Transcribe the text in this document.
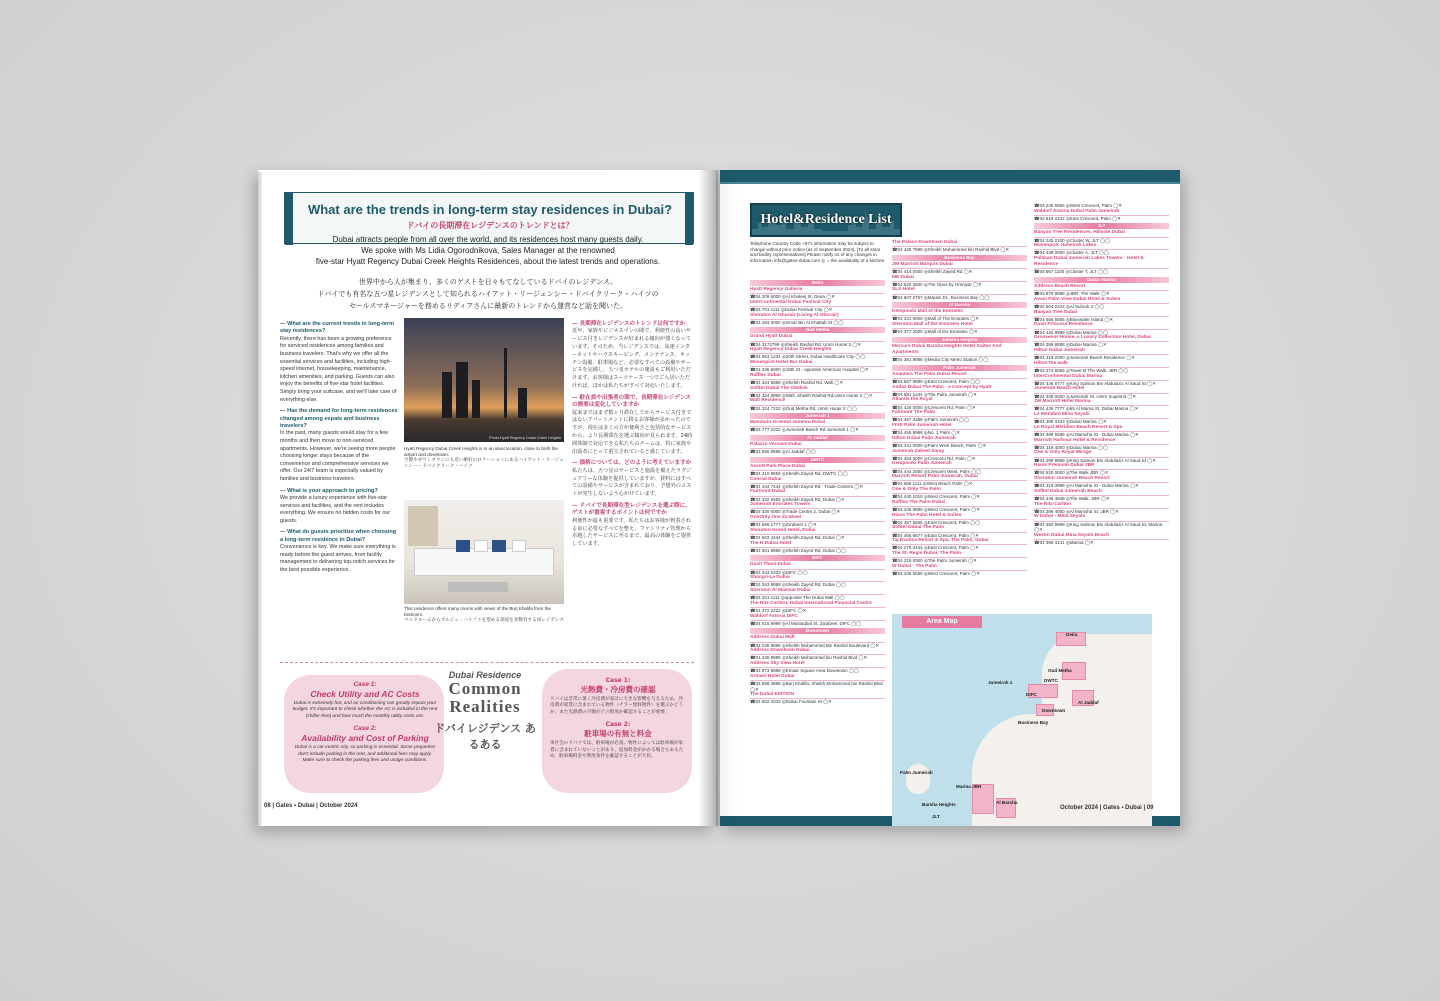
What are the trends in long-term stay residences in Dubai?
ドバイの長期滞在レジデンスのトレンドとは？
Dubai attracts people from all over the world, and its residences host many guests daily.
We spoke with Ms Lidia Ogorodnikova, Sales Manager at the renowned
five-star Hyatt Regency Dubai Creek Heights Residences, about the latest trends and operations.
世界中から人が集まり、多くのゲストを日々もてなしているドバイのレジデンス。
ドバイでも有名な五つ星レジデンスとして知られるハイアット・リージェンシー・ドバイクリーク・ハイツの
セールスマネージャーを務めるリディアさんに最新のトレンドから運営など話を聞いた。
— What are the current trends in long-term stay residences?
Recently, there has been a growing preference for serviced residences among families and business travelers. That's why we offer all the essential services and facilities, including high-speed internet, housekeeping, maintenance, kitchen amenities, and parking. Guests can also enjoy the benefits of five-star hotel facilities. Simply bring your suitcase, and we'll take care of everything else.
— Has the demand for long-term residences changed among expats and business travelers?
In the past, many guests would stay for a few months and then move to non-serviced apartments. However, we're seeing more people choosing longer stays because of the convenience and comprehensive services we offer. Our 24/7 team is especially valued by families and business travelers.
— What is your approach to pricing?
We provide a luxury experience with five-star services and facilities, and the rent includes everything. We ensure no hidden costs for our guests.
— What do guests prioritize when choosing a long-term residence in Dubai?
Convenience is key. We make sure everything is ready before the guest arrives, from facility management to delivering top-notch services for the best possible experience.
Photo:Hyatt Regency Dubai Creek Heights
Hyatt Regency Dubai Creek Heights is in an ideal location, close to both the airport and downtown.
空港やダウンタウンにも近い絶好のロケーションにあるハイアット・リージェンシー・ドバイクリーク・ハイツ
This residence offers many rooms with views of the Burj Khalifa from the bedroom.
ベッドルームからブルジュ・ハリファを望める部屋を多数有する同レジデンス
— 長期滞在レジデンスのトレンドは何ですか
近年、家族やビジネスマンの間で、利便性の高いサービス付きレジデンスが好まれる傾向が強くなっています。そのため、当レジデンスでは、高速インターネットやハウスキーピング、メンテナンス、キッチン設備、駐車場など、必要なすべての設備やサービスを完備し、五つ星ホテルの施設もご利用いただけます。お客様はスーツケース一つでご入居いただければ、ほかは私たちがすべて対応いたします。
— 駐在員や出張者の間で、長期滞在レジデンスの需要は変化していますか
従来まではまず数ヶ月滞在してからサービス付きではないアパートメントに移るお客様が多かったのですが、現在は多くの方が便利さと包括的なサービスから、より長期滞在を選ぶ傾向が見られます。24時間体制で対応できる私たちのチームは、特に家族や出張者にとって重宝されていると感じています。
— 価格については、どのように考えていますか
私たちは、五つ星のサービスと施設を備えたラグジュアリーな体験を提供していますが、賃料にはすべての設備やサービスが含まれており、予想外のコストが発生しないよう心がけています。
— ドバイで長期滞在型レジデンスを選ぶ際に、ゲストが重視するポイントは何ですか
利便性が最も重要です。私たちはお客様が到着される前に必要なすべてを整え、ファシリティ管理から卓越したサービスに至るまで、最高の体験をご提供しています。
Case 1:
Check Utility and AC Costs
Dubai is extremely hot, and air conditioning can greatly impact your budget. It's important to check whether the AC is included in the rent (chiller-free) and how much the monthly utility costs are.
Case 2:
Availability and Cost of Parking
Dubai is a car-centric city, so parking is essential. Some properties don't include parking in the rent, and additional fees may apply. Make sure to check the parking fees and usage conditions.
Case 1:
光熱費・冷房費の確認
ドバイは非常に暑く冷房費が家計に大きな影響を与えるため、冷房費が家賃に含まれている物件（チラー無料物件）を選ぶかどうか、また光熱費の月額がどの程度か確認することが重要。
Case 2:
駐車場の有無と料金
車社会のドバイでは、駐車場が必須。物件によっては駐車場が家賃に含まれていないことがあり、追加料金がかかる場合もあるため、駐車場料金や利用条件を確認することが大切。
Dubai Residence
Common Realities
ドバイレジデンス あるある
08 | Gates ▪ Dubai | October 2024
Hotel&Residence List
Telephone Country Code +971 information may be subject to change without prior notice (as of September 2024). [To all store and facility representatives] Please notify us of any changes in information info@gates-dubai.com ◎ = the availability of a kitchen.
Deira
Hyatt Regency Galleria
☎04 209 6000 ◎Al Khaleej St, Deira ◯✕
InterContinental Dubai Festival City
☎04 701 1111 ◎Dubai Festival City ◯✕
Sheraton Al Ghurair (Living Al Ghurair)
☎04 293 3000 ◎Omar Bin Al Khattab St ◯◯
Oud Metha
Grand Hyatt Dubai
☎04 3172799 ◎Sheikh Rashid Rd, Umm Hurair 2 ◯✕
Hyatt Regency Dubai Creek Heights
☎04 553 1234 ◎20th Street, Dubai Healthcare City ◯◯
Movenpick Hotel Bur Dubai
☎04 336 6000 ◎19th St - opposite American Hospital ◯✕
Raffles Dubai
☎04 324 8888 ◎Sheikh Rashid Rd, Wafi ◯✕
Sofitel Dubai The Obelisk
☎04 324 9999 ◎Wafi, Sheikh Rashid Rd,Umm Hurair 2 ◯✕
Wafi Residence
☎04 324 7222 ◎Oud Metha Rd, Umm Hurair 2 ◯◯
Jumeirah 1
Mandarin Oriental Jumeira Dubai
☎04 777 2222 ◎Jumeirah Beach Rd Jumeirah 1 ◯✕
Al Jaddaf
Palazzo Versace Dubai
☎04 556 8888 ◎Al Jaddaf ◯◯
DWTC
Ascott Park Place Dubai
☎04 310 8555 ◎Sheikh Zayed Rd, DWTC ◯◯
Conrad Dubai
☎04 444 7444 ◎Sheikh Zayed Rd - Trade Centre1 ◯✕
Fairmont Dubai
☎04 332 5555 ◎Sheikh Zayed Rd, Dubai ◯✕
Jumeirah Emirates Towers
☎04 330 0000 ◎Trade Centre 2, Dubai ◯✕
OneOnly One Za'abeel
☎04 666 1777 ◎Za'abeel 1 ◯✕
Sheraton Grand Hotel, Dubai
☎04 503 4444 ◎Sheikh Zayed Rd, Dubai ◯✕
The H Dubai Hotel
☎04 501 8888 ◎Sheikh Zayed Rd, Dubai ◯◯
DIFC
Dusit Thani Dubai
☎04 343 3333 ◎DIFC ◯◯
Shangri-La Dubai
☎04 343 8888 ◎Sheikh Zayed Rd, Dubai ◯◯
Sheraton Al Mamzar Dubai
☎04 321 1111 ◎opposite The Dubai Mall ◯◯
The Ritz-Carlton, Dubai International Financial Centre
☎04 372 2222 ◎DIFC ◯✕
Waldorf Astoria DIFC
☎04 515 9999 ◎Al Mustaqbal St, Za'abeel, DIFC ◯◯
Downtown
Address Dubai Mall
☎04 245 8888 ◎Sheikh Mohammed Bin Rashid Boulevard ◯✕
Address Downtown Dubai
☎04 436 8888 ◎Sheikh Mohammed bin Rashid Blvd ◯✕
Address Sky View Hotel
☎04 873 8888 ◎Emaar Square Area Downtown ◯◯
Armani Hotel Dubai
☎04 888 3888 ◎Burj Khalifa, Sheikh Mohammed bin Rashid Blvd ◯✕
The Dubai EDITION
☎04 602 3333 ◎Dubai Fountain St ◯✕
The Palace Downtown Dubai
☎04 428 7888 ◎Sheikh Mohammed bin Rashid Blvd ◯✕
Business Bay
JW Marriott Marquis Dubai
☎04 414 0000 ◎Sheikh Zayed Rd ◯✕
ME Dubai
☎04 525 2500 ◎The Opus by Omniyat ◯✕
SLS Hotel
☎04 607 0757 ◎Marasi Dr., Business Bay ◯◯
Al Barsha
Kempinski Mall of the Emirates
☎04 341 0000 ◎Mall of The Emirates ◯✕
Sheraton Mall of the Emirates Hotel
☎04 377 2000 ◎Mall of the Emirates ◯✕
Jumeira Heights
Mercure Dubai Barsha Heights Hotel Suites And Apartments
☎04 381 8888 ◎Media City Metro Station ◯◯
Palm Jumeirah
Anantara The Palm Dubai Resort
☎04 567 8888 ◎East Crescent, Palm ◯◯
Andaz Dubai The Palm - a Concept by Hyatt
☎04 581 1234 ◎The Palm Jumeirah ◯✕
Atlantis the Royal
☎04 426 0000 ◎Crescent Rd, Palm ◯✕
Fairmont The Palm
☎04 457 3388 ◎Palm Jumeirah ◯◯
FIVE Palm Jumeirah Hotel
☎04 455 9988 ◎No. 1 Palm ◯✕
Hilton Dubai Palm Jumeirah
☎04 341 0000 ◎Palm West Beach, Palm ◯✕
Jumeirah Zabeel Saray
☎04 453 0000 ◎Crescent Rd, Palm ◯✕
Kempinski Palm Jumeirah
☎04 444 2000 ◎Crescent West, Palm ◯◯
Marriott Resort Palm Jumeirah, Dubai
☎04 666 1111 ◎West Beach Palm ◯✕
One & Only The Palm
☎04 440 1010 ◎West Crescent, Palm ◯✕
Raffles The Palm Dubai
☎04 248 8888 ◎West Crescent, Palm ◯✕
Rixos The Palm Hotel & Suites
☎04 457 5555 ◎East Crescent, Palm ◯◯
Sofitel Dubai The Palm
☎04 455 6677 ◎East Crescent, Palm ◯✕
Taj Exotica Resort & Spa, The Palm, Dubai
☎04 275 4444 ◎East Crescent, Palm ◯✕
The St. Regis Dubai, The Palm
☎04 218 0000 ◎The Palm Jumeirah ◯✕
W Dubai - The Palm
☎04 245 5555 ◎West Crescent, Palm ◯✕
☎04 245 5555 ◎West Crescent, Palm ◯✕
Waldorf Astoria Dubai Palm Jumeirah
☎04 818 2222 ◎East Crescent, Palm ◯✕
JLT
Banyan Tree Residences, Hillside Dubai
☎04 245 2100 ◎Cluster W, JLT ◯◯
Movenpick Jumeirah Lakes
☎04 438 0000 ◎Cluster A, JLT ◯◯
Pullman Dubai Jumeirah Lakes Towers - Hotel & Residence
☎04 567 1100 ◎Cluster T, JLT ◯◯
Dubai Marina
Address Beach Resort
☎04 879 8888 ◎JBR, The Walk ◯✕
Avani Palm View Dubai Hotel & Suites
☎04 604 2222 ◎Al Sufouh 2 ◯◯
Banyan Tree Dubai
☎04 556 5555 ◎Bluewater Island ◯✕
Dusit Princess Residence
☎04 425 9999 ◎Dubai Marina ◯◯
Grosvenor House, a Luxury Collection Hotel, Dubai
☎04 399 8888 ◎Dubai Marina ◯✕
Hilton Dubai Jumeirah
☎04 318 2000 ◎Jumeirah Beach Residence ◯✕
Hilton the walk
☎04 374 5555 ◎Tower B The Walk, JBR ◯◯
InterContinental Dubai Marina
☎04 446 6777 ◎King Salman Bin Abdulaziz Al Saud St ◯✕
Jumeirah Beach Hotel
☎04 348 0000 ◎Jumeirah St, Umm Suqeim3 ◯✕
JW Marriott Hotel Marina
☎04 435 7777 ◎65 Al Marsa St, Dubai Marina ◯✕
Le Meridien Mina Seyahi
☎04 399 3333 ◎Dubai Marina ◯✕
Le Royal Meridien Beach Resort & Spa
☎04 399 5555 ◎Al Mamsha St - Dubai Marina ◯✕
Marriott Harbour Hotel & Residence
☎04 319 4000 ◎Dubai Marina ◯◯
One & Only Royal Mirage
☎04 399 9999 ◎King Salman Bin Abdulaziz Al Saud St ◯✕
Rixos Premium Dubai JBR
☎04 520 0000 ◎The Walk JBR ◯✕
Sheraton Jumeirah Beach Resort
☎04 315 3999 ◎Al Mamsha St - Dubai Marina ◯✕
Sofitel Dubai Jumeirah Beach
☎04 448 4848 ◎The Walk, JBR ◯✕
The Ritz-Carlton
☎04 399 4000 ◎Al Mamsha St, JBR ◯✕
W Dubai - Mina Seyahi
☎04 350 9999 ◎King Salman Bin Abdulaziz Al Saud St, Marina ◯✕
Westin Dubai Mina Seyahi Beach
☎04 399 4141 ◎Marina ◯✕
Area Map
Deira
Oud Metha
Jumeirah 1	DWTC
DIFC
Al Jaddaf
Downtown
Business Bay
Palm Jumeirah
Marina JBR
Al Barsha
Barsha Heights
JLT
October 2024 | Gates ▪ Dubai | 09
